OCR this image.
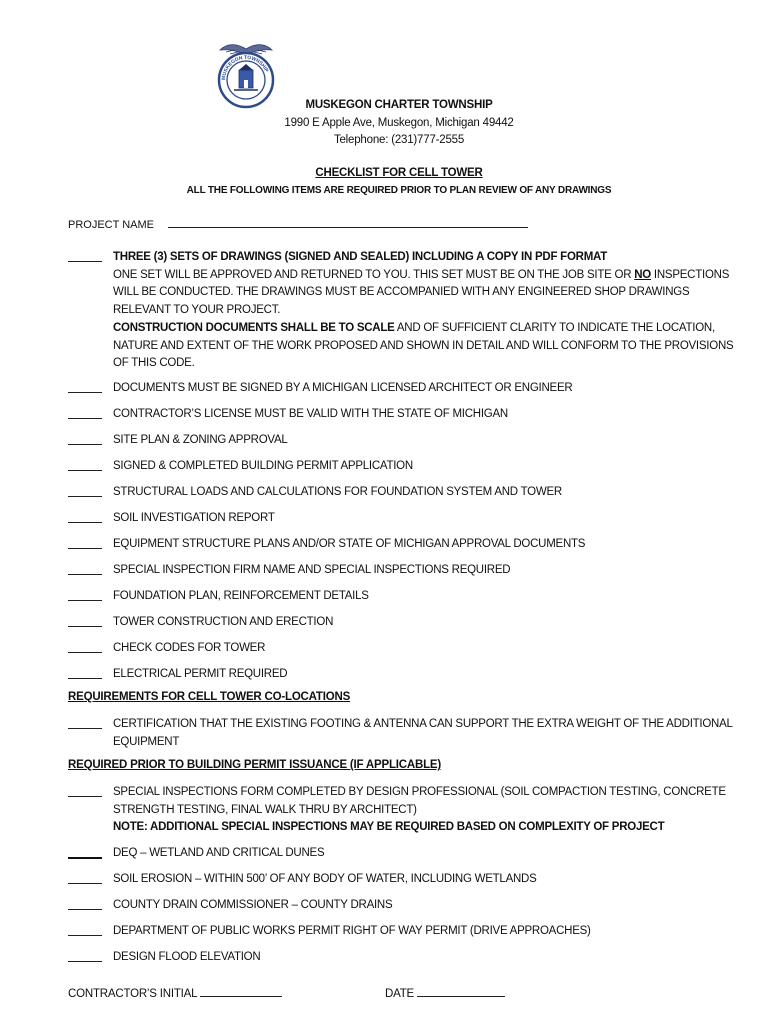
MUSKEGON TOWNSHIP
MUSKEGON CHARTER TOWNSHIP
1990 E Apple Ave, Muskegon, Michigan 49442
Telephone: (231)777-2555
CHECKLIST FOR CELL TOWER
ALL THE FOLLOWING ITEMS ARE REQUIRED PRIOR TO PLAN REVIEW OF ANY DRAWINGS
PROJECT NAME
THREE (3) SETS OF DRAWINGS (SIGNED AND SEALED) INCLUDING A COPY IN PDF FORMAT
ONE SET WILL BE APPROVED AND RETURNED TO YOU. THIS SET MUST BE ON THE JOB SITE OR NO INSPECTIONS WILL BE CONDUCTED. THE DRAWINGS MUST BE ACCOMPANIED WITH ANY ENGINEERED SHOP DRAWINGS RELEVANT TO YOUR PROJECT.
CONSTRUCTION DOCUMENTS SHALL BE TO SCALE AND OF SUFFICIENT CLARITY TO INDICATE THE LOCATION, NATURE AND EXTENT OF THE WORK PROPOSED AND SHOWN IN DETAIL AND WILL CONFORM TO THE PROVISIONS OF THIS CODE.
DOCUMENTS MUST BE SIGNED BY A MICHIGAN LICENSED ARCHITECT OR ENGINEER
CONTRACTOR’S LICENSE MUST BE VALID WITH THE STATE OF MICHIGAN
SITE PLAN & ZONING APPROVAL
SIGNED & COMPLETED BUILDING PERMIT APPLICATION
STRUCTURAL LOADS AND CALCULATIONS FOR FOUNDATION SYSTEM AND TOWER
SOIL INVESTIGATION REPORT
EQUIPMENT STRUCTURE PLANS AND/OR STATE OF MICHIGAN APPROVAL DOCUMENTS
SPECIAL INSPECTION FIRM NAME AND SPECIAL INSPECTIONS REQUIRED
FOUNDATION PLAN, REINFORCEMENT DETAILS
TOWER CONSTRUCTION AND ERECTION
CHECK CODES FOR TOWER
ELECTRICAL PERMIT REQUIRED
REQUIREMENTS FOR CELL TOWER CO-LOCATIONS
CERTIFICATION THAT THE EXISTING FOOTING & ANTENNA CAN SUPPORT THE EXTRA WEIGHT OF THE ADDITIONAL EQUIPMENT
REQUIRED PRIOR TO BUILDING PERMIT ISSUANCE (IF APPLICABLE)
SPECIAL INSPECTIONS FORM COMPLETED BY DESIGN PROFESSIONAL (SOIL COMPACTION TESTING, CONCRETE STRENGTH TESTING, FINAL WALK THRU BY ARCHITECT)
NOTE: ADDITIONAL SPECIAL INSPECTIONS MAY BE REQUIRED BASED ON COMPLEXITY OF PROJECT
DEQ – WETLAND AND CRITICAL DUNES
SOIL EROSION – WITHIN 500’ OF ANY BODY OF WATER, INCLUDING WETLANDS
COUNTY DRAIN COMMISSIONER – COUNTY DRAINS
DEPARTMENT OF PUBLIC WORKS PERMIT RIGHT OF WAY PERMIT (DRIVE APPROACHES)
DESIGN FLOOD ELEVATION
CONTRACTOR’S INITIAL	DATE
